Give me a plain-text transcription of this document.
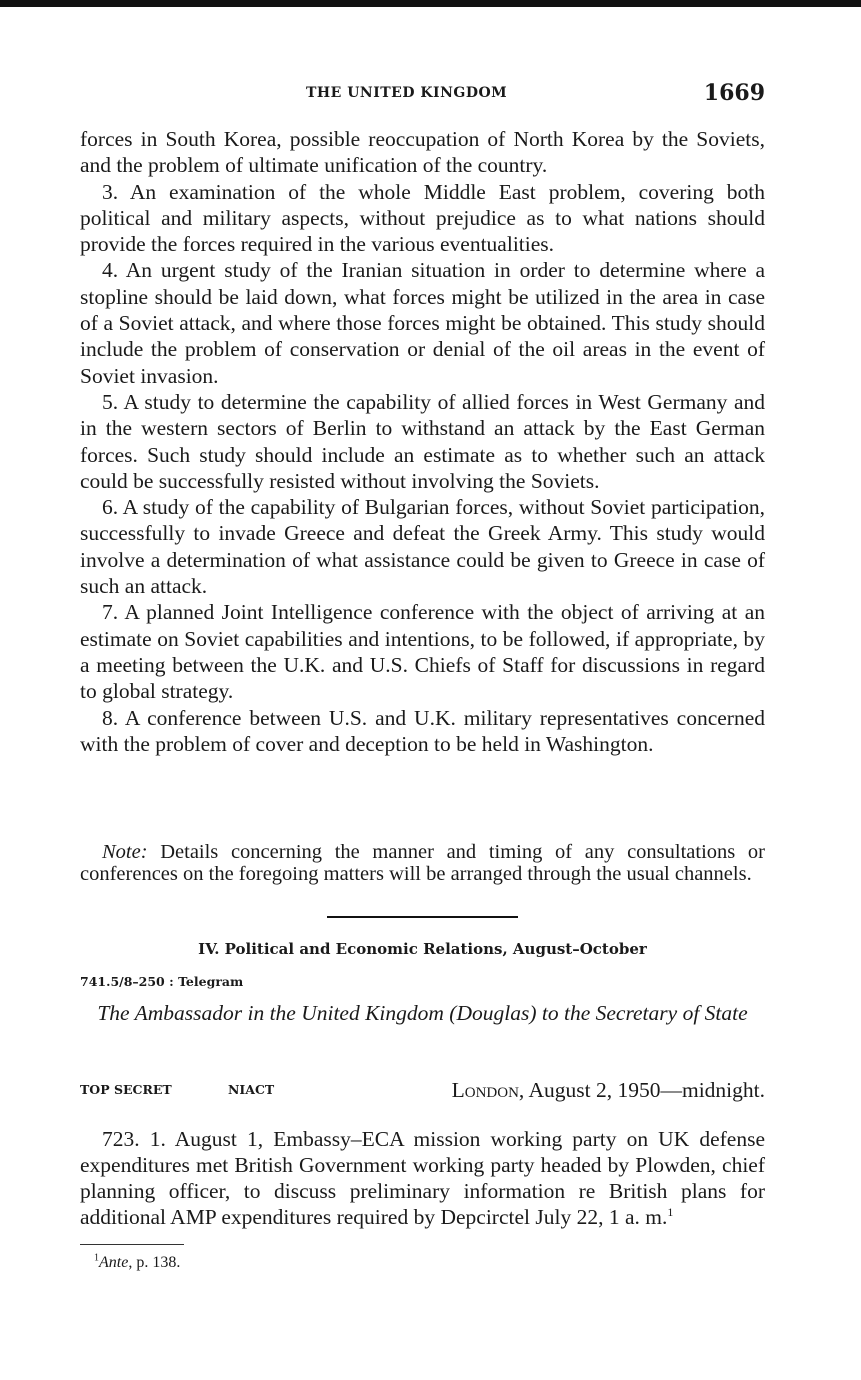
THE UNITED KINGDOM	1669

forces in South Korea, possible reoccupation of North Korea by the Soviets, and the problem of ultimate unification of the country.

3. An examination of the whole Middle East problem, covering both political and military aspects, without prejudice as to what nations should provide the forces required in the various eventualities.

4. An urgent study of the Iranian situation in order to determine where a stopline should be laid down, what forces might be utilized in the area in case of a Soviet attack, and where those forces might be obtained. This study should include the problem of conservation or denial of the oil areas in the event of Soviet invasion.

5. A study to determine the capability of allied forces in West Germany and in the western sectors of Berlin to withstand an attack by the East German forces. Such study should include an estimate as to whether such an attack could be successfully resisted without involving the Soviets.

6. A study of the capability of Bulgarian forces, without Soviet participation, successfully to invade Greece and defeat the Greek Army. This study would involve a determination of what assistance could be given to Greece in case of such an attack.

7. A planned Joint Intelligence conference with the object of arriving at an estimate on Soviet capabilities and intentions, to be followed, if appropriate, by a meeting between the U.K. and U.S. Chiefs of Staff for discussions in regard to global strategy.

8. A conference between U.S. and U.K. military representatives concerned with the problem of cover and deception to be held in Washington.

Note: Details concerning the manner and timing of any consultations or conferences on the foregoing matters will be arranged through the usual channels.

IV. Political and Economic Relations, August–October
741.5/8–250 : Telegram
The Ambassador in the United Kingdom (Douglas) to the Secretary of State
TOP SECRET	NIACT	London, August 2, 1950—midnight.

723. 1. August 1, Embassy–ECA mission working party on UK defense expenditures met British Government working party headed by Plowden, chief planning officer, to discuss preliminary information re British plans for additional AMP expenditures required by Depcirctel July 22, 1 a. m.$^1$

$^1$Ante, p. 138.
